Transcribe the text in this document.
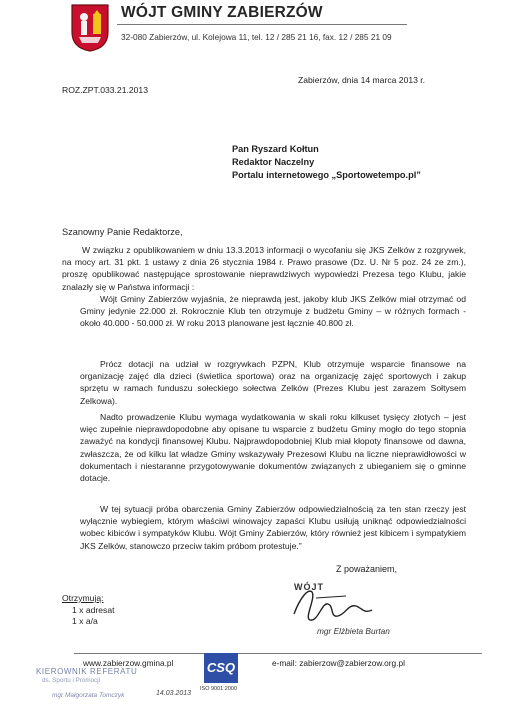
WÓJT GMINY ZABIERZÓW
32-080 Zabierzów, ul. Kolejowa 11, tel. 12 / 285 21 16, fax. 12 / 285 21 09
Zabierzów, dnia 14 marca 2013 r.
ROZ.ZPT.033.21.2013
Pan Ryszard Kołtun
Redaktor Naczelny
Portalu internetowego „Sportowetempo.pl”
Szanowny Panie Redaktorze,
W związku z opublikowaniem w dniu 13.3.2013 informacji o wycofaniu się JKS Zelków z rozgrywek, na mocy art. 31 pkt. 1 ustawy z dnia 26 stycznia 1984 r. Prawo prasowe (Dz. U. Nr 5 poz. 24 ze zm.), proszę opublikować następujące sprostowanie nieprawdziwych wypowiedzi Prezesa tego Klubu, jakie znalazły się w Państwa informacji :
Wójt Gminy Zabierzów wyjaśnia, że nieprawdą jest, jakoby klub JKS Zelków miał otrzymać od Gminy jedynie 22.000 zł. Rokrocznie Klub ten otrzymuje z budżetu Gminy – w różnych formach - około 40.000 - 50.000 zł. W roku 2013 planowane jest łącznie 40.800 zł.
Prócz dotacji na udział w rozgrywkach PZPN, Klub otrzymuje wsparcie finansowe na organizację zajęć dla dzieci (świetlica sportowa) oraz na organizację zajęć sportowych i zakup sprzętu w ramach funduszu sołeckiego sołectwa Zelków (Prezes Klubu jest zarazem Sołtysem Zelkowa).
Nadto prowadzenie Klubu wymaga wydatkowania w skali roku kilkuset tysięcy złotych – jest więc zupełnie nieprawdopodobne aby opisane tu wsparcie z budżetu Gminy mogło do tego stopnia zaważyć na kondycji finansowej Klubu. Najprawdopodobniej Klub miał kłopoty finansowe od dawna, zwłaszcza, że od kilku lat władze Gminy wskazywały Prezesowi Klubu na liczne nieprawidłowości w dokumentach i niestaranne przygotowywanie dokumentów związanych z ubieganiem się o gminne dotacje.
W tej sytuacji próba obarczenia Gminy Zabierzów odpowiedzialnością za ten stan rzeczy jest wyłącznie wybiegiem, którym właściwi winowajcy zapaści Klubu usiłują uniknąć odpowiedzialności wobec kibiców i sympatyków Klubu. Wójt Gminy Zabierzów, który również jest kibicem i sympatykiem JKS Zelków, stanowczo przeciw takim próbom protestuje.”
Z poważaniem,
WÓJT
mgr Elżbieta Burtan
Otrzymują:
1 x adresat
1 x a/a
www.zabierzow.gmina.pl	CSQ
ISO 9001:2000
e-mail: zabierzow@zabierzow.org.pl
KIEROWNIK REFERATU
ds. Sportu i Promocji
mgr Małgorzata Tomczyk	14.03.2013
